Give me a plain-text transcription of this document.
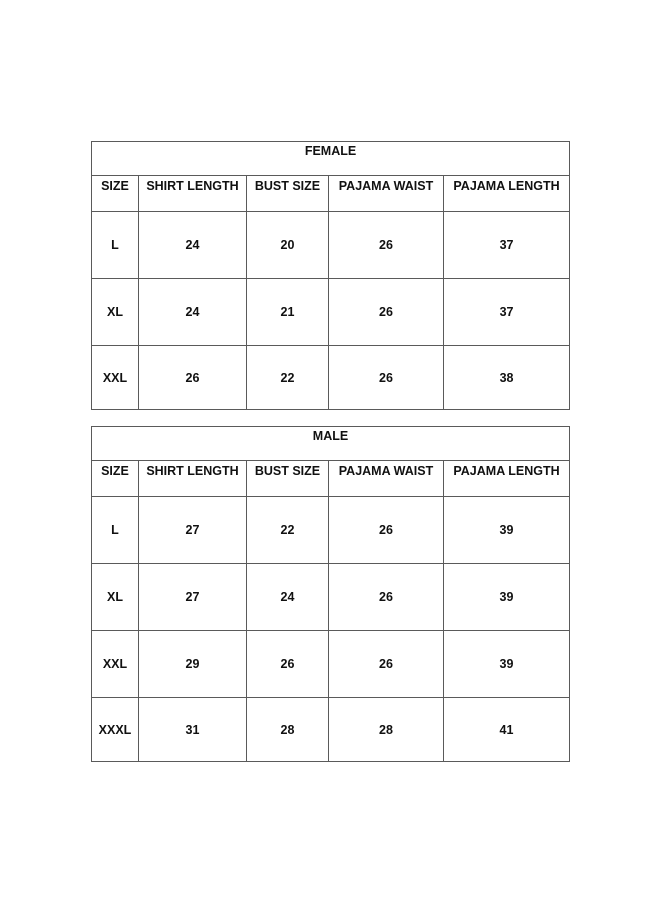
FEMALE				
SIZE	SHIRT LENGTH	BUST SIZE	PAJAMA WAIST	PAJAMA LENGTH
L	24	20	26	37
XL	24	21	26	37
XXL	26	22	26	38
MALE				
SIZE	SHIRT LENGTH	BUST SIZE	PAJAMA WAIST	PAJAMA LENGTH
L	27	22	26	39
XL	27	24	26	39
XXL	29	26	26	39
XXXL	31	28	28	41
